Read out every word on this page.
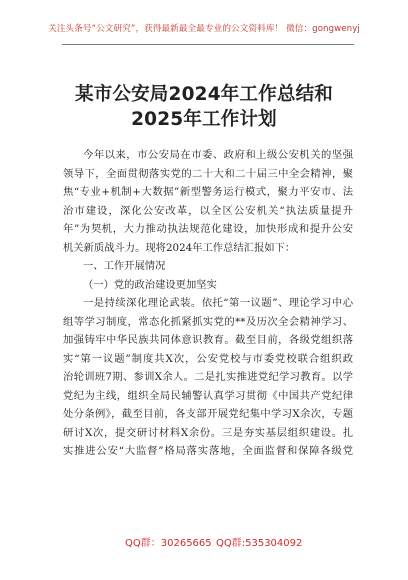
关注头条号“公文研究”，获得最新最全最专业的公文资料库！ 微信：gongwenyj
某市公安局2024年工作总结和
2025年工作计划
今年以来，市公安局在市委、政府和上级公安机关的坚强
领导下，全面贯彻落实党的二十大和二十届三中全会精神，聚
焦“专业+机制+大数据”新型警务运行模式，聚力平安市、法
治市建设，深化公安改革，以全区公安机关“执法质量提升
年”为契机，大力推动执法规范化建设，加快形成和提升公安
机关新质战斗力。现将2024年工作总结汇报如下：
一、工作开展情况
（一）党的政治建设更加坚实
一是持续深化理论武装。依托“第一议题”、理论学习中心
组等学习制度，常态化抓紧抓实党的**及历次全会精神学习、
加强铸牢中华民族共同体意识教育。截至目前，各级党组织落
实“第一议题”制度共X次，公安党校与市委党校联合组织政
治轮训班7期、参训X余人。二是扎实推进党纪学习教育。以学
党纪为主线，组织全局民辅警认真学习贯彻《中国共产党纪律
处分条例》，截至目前，各支部开展党纪集中学习X余次，专题
研讨X次，提交研讨材料X余份。三是夯实基层组织建设。扎
实推进公安“大监督”格局落实落地，全面监督和保障各级党
QQ群：30265665 QQ群:535304092
